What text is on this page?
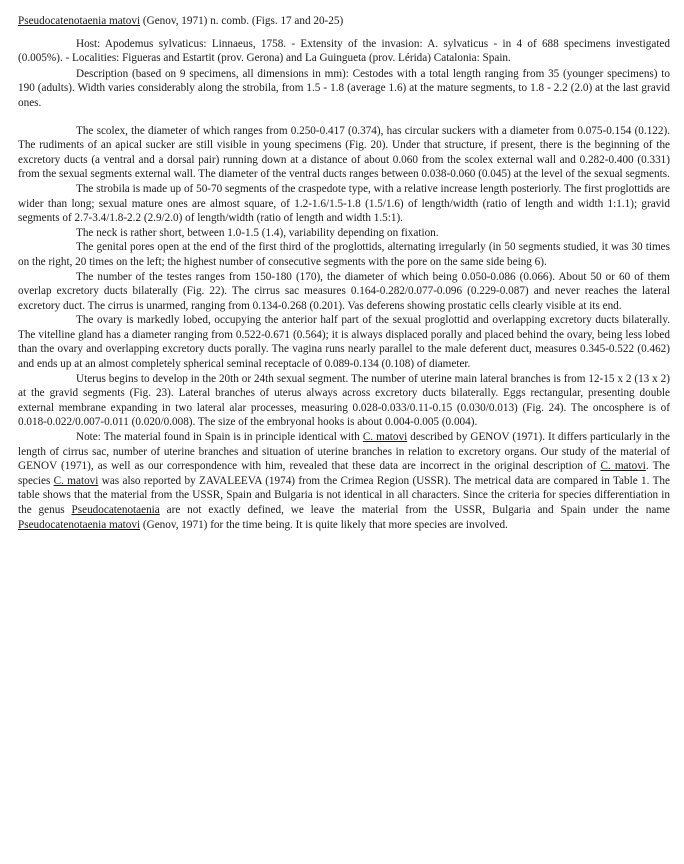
Pseudocatenotaenia matovi (Genov, 1971) n. comb. (Figs. 17 and 20-25)

Host: Apodemus sylvaticus: Linnaeus, 1758. - Extensity of the invasion: A. sylvaticus - in 4 of 688 specimens investigated (0.005%). - Localities: Figueras and Estartit (prov. Gerona) and La Guingueta (prov. Lérida) Catalonia: Spain.

Description (based on 9 specimens, all dimensions in mm): Cestodes with a total length ranging from 35 (younger specimens) to 190 (adults). Width varies considerably along the strobila, from 1.5 - 1.8 (average 1.6) at the mature segments, to 1.8 - 2.2 (2.0) at the last gravid ones.

The scolex, the diameter of which ranges from 0.250-0.417 (0.374), has circular suckers with a diameter from 0.075-0.154 (0.122). The rudiments of an apical sucker are still visible in young specimens (Fig. 20). Under that structure, if present, there is the beginning of the excretory ducts (a ventral and a dorsal pair) running down at a distance of about 0.060 from the scolex external wall and 0.282-0.400 (0.331) from the sexual segments external wall. The diameter of the ventral ducts ranges between 0.038-0.060 (0.045) at the level of the sexual segments.

The strobila is made up of 50-70 segments of the craspedote type, with a relative increase length posteriorly. The first proglottids are wider than long; sexual mature ones are almost square, of 1.2-1.6/1.5-1.8 (1.5/1.6) of length/width (ratio of length and width 1:1.1); gravid segments of 2.7-3.4/1.8-2.2 (2.9/2.0) of length/width (ratio of length and width 1.5:1).

The neck is rather short, between 1.0-1.5 (1.4), variability depending on fixation.

The genital pores open at the end of the first third of the proglottids, alternating irregularly (in 50 segments studied, it was 30 times on the right, 20 times on the left; the highest number of consecutive segments with the pore on the same side being 6).

The number of the testes ranges from 150-180 (170), the diameter of which being 0.050-0.086 (0.066). About 50 or 60 of them overlap excretory ducts bilaterally (Fig. 22). The cirrus sac measures 0.164-0.282/0.077-0.096 (0.229-0.087) and never reaches the lateral excretory duct. The cirrus is unarmed, ranging from 0.134-0.268 (0.201). Vas deferens showing prostatic cells clearly visible at its end.

The ovary is markedly lobed, occupying the anterior half part of the sexual proglottid and overlapping excretory ducts bilaterally. The vitelline gland has a diameter ranging from 0.522-0.671 (0.564); it is always displaced porally and placed behind the ovary, being less lobed than the ovary and overlapping excretory ducts porally. The vagina runs nearly parallel to the male deferent duct, measures 0.345-0.522 (0.462) and ends up at an almost completely spherical seminal receptacle of 0.089-0.134 (0.108) of diameter.

Uterus begins to develop in the 20th or 24th sexual segment. The number of uterine main lateral branches is from 12-15 x 2 (13 x 2) at the gravid segments (Fig. 23). Lateral branches of uterus always across excretory ducts bilaterally. Eggs rectangular, presenting double external membrane expanding in two lateral alar processes, measuring 0.028-0.033/0.11-0.15 (0.030/0.013) (Fig. 24). The oncosphere is of 0.018-0.022/0.007-0.011 (0.020/0.008). The size of the embryonal hooks is about 0.004-0.005 (0.004).

Note: The material found in Spain is in principle identical with C. matovi described by GENOV (1971). It differs particularly in the length of cirrus sac, number of uterine branches and situation of uterine branches in relation to excretory organs. Our study of the material of GENOV (1971), as well as our correspondence with him, revealed that these data are incorrect in the original description of C. matovi. The species C. matovi was also reported by ZAVALEEVA (1974) from the Crimea Region (USSR). The metrical data are compared in Table 1. The table shows that the material from the USSR, Spain and Bulgaria is not identical in all characters. Since the criteria for species differentiation in the genus Pseudocatenotaenia are not exactly defined, we leave the material from the USSR, Bulgaria and Spain under the name Pseudocatenotaenia matovi (Genov, 1971) for the time being. It is quite likely that more species are involved.
